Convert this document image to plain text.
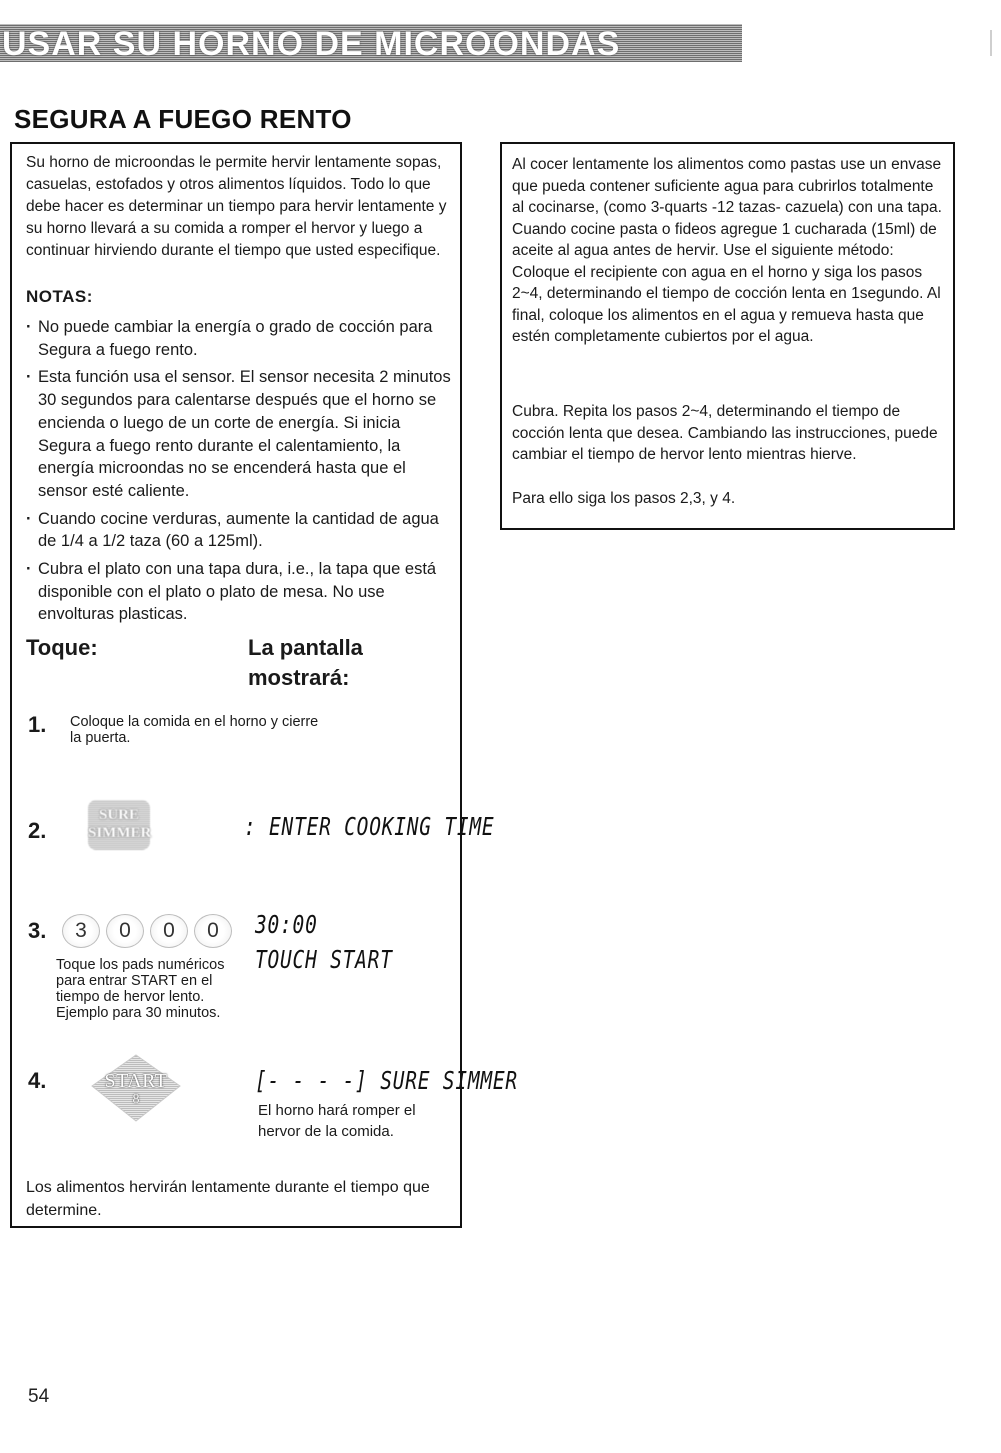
USAR SU HORNO DE MICROONDAS
SEGURA A FUEGO RENTO

Su horno de microondas le permite hervir lentamente sopas, casuelas, estofados y otros alimentos líquidos. Todo lo que debe hacer es determinar un tiempo para hervir lentamente y su horno llevará a su comida a romper el hervor y luego a continuar hirviendo durante el tiempo que usted especifique.

NOTAS:
· No puede cambiar la energía o grado de cocción para Segura a fuego rento.
· Esta función usa el sensor. El sensor necesita 2 minutos 30 segundos para calentarse después que el horno se encienda o luego de un corte de energía. Si inicia Segura a fuego rento durante el calentamiento, la energía microondas no se encenderá hasta que el sensor esté caliente.
· Cuando cocine verduras, aumente la cantidad de agua de 1/4 a 1/2 taza (60 a 125ml).
· Cubra el plato con una tapa dura, i.e., la tapa que está disponible con el plato o plato de mesa. No use envolturas plasticas.
Toque:	La pantalla mostrará:
1. Coloque la comida en el horno y cierre la puerta.

2.
SURE
SIMMER	: ENTER COOKING TIME
3.	3	0	0	0	30:00
TOUCH START

Toque los pads numéricos para entrar START en el tiempo de hervor lento. Ejemplo para 30 minutos.

4.	START
8
[- - - -] SURE SIMMER

El horno hará romper el hervor de la comida.

Los alimentos hervirán lentamente durante el tiempo que determine.

Al cocer lentamente los alimentos como pastas use un envase que pueda contener suficiente agua para cubrirlos totalmente al cocinarse, (como 3-quarts -12 tazas- cazuela) con una tapa. Cuando cocine pasta o fideos agregue 1 cucharada (15ml) de aceite al agua antes de hervir. Use el siguiente método: Coloque el recipiente con agua en el horno y siga los pasos 2~4, determinando el tiempo de cocción lenta en 1segundo. Al final, coloque los alimentos en el agua y remueva hasta que estén completamente cubiertos por el agua.

Cubra. Repita los pasos 2~4, determinando el tiempo de cocción lenta que desea. Cambiando las instrucciones, puede cambiar el tiempo de hervor lento mientras hierve.

Para ello siga los pasos 2,3, y 4.

54
